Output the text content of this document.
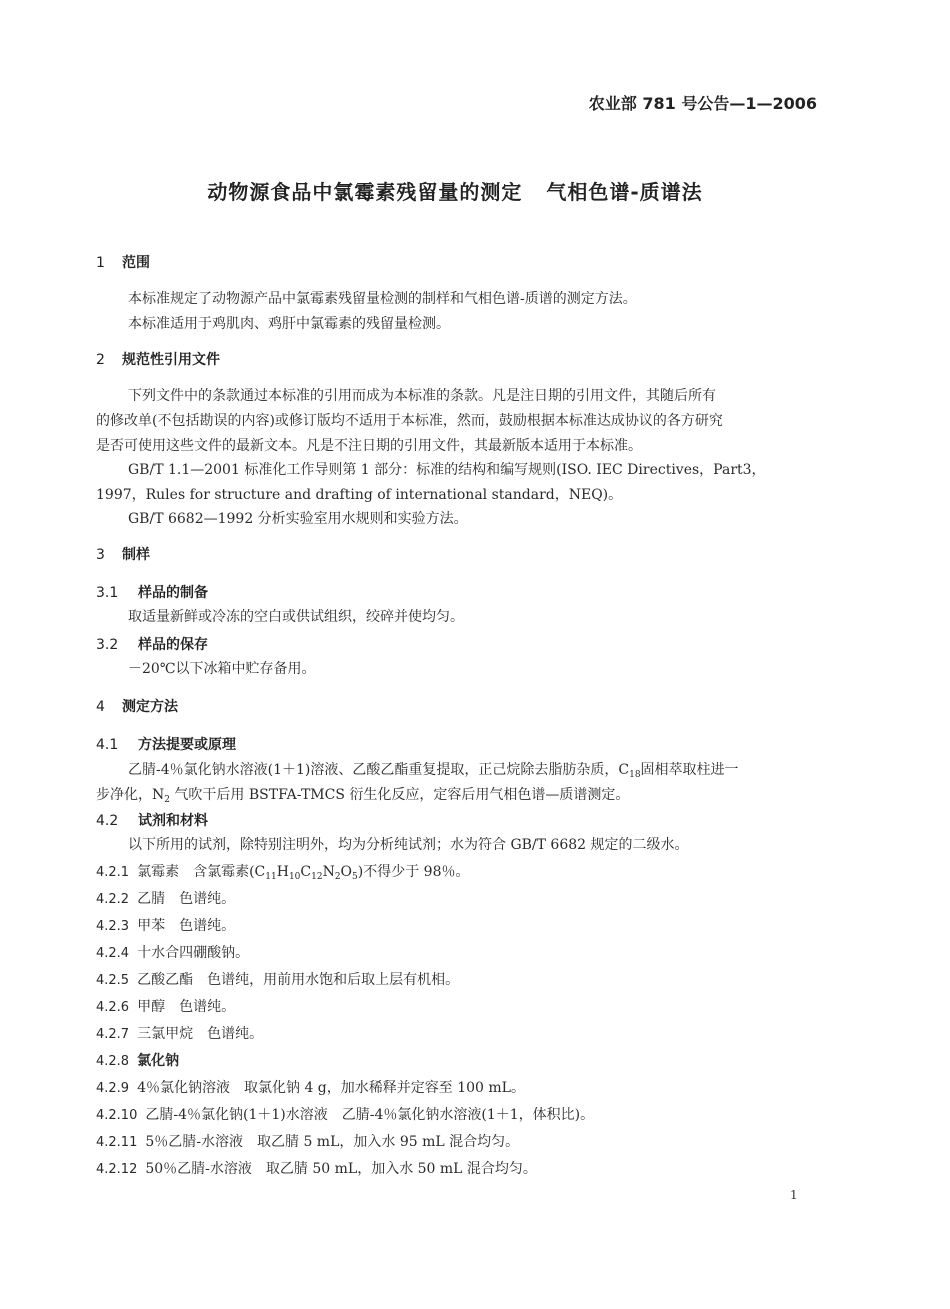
农业部 781 号公告—1—2006
动物源食品中氯霉素残留量的测定 气相色谱-质谱法
1 范围
本标准规定了动物源产品中氯霉素残留量检测的制样和气相色谱-质谱的测定方法。
本标准适用于鸡肌肉、鸡肝中氯霉素的残留量检测。
2 规范性引用文件
下列文件中的条款通过本标准的引用而成为本标准的条款。凡是注日期的引用文件，其随后所有
的修改单(不包括勘误的内容)或修订版均不适用于本标准，然而，鼓励根据本标准达成协议的各方研究
是否可使用这些文件的最新文本。凡是不注日期的引用文件，其最新版本适用于本标准。
GB/T 1.1—2001 标准化工作导则第 1 部分：标准的结构和编写规则(ISO. IEC Directives，Part3，
1997，Rules for structure and drafting of international standard，NEQ)。
GB/T 6682—1992 分析实验室用水规则和实验方法。
3 制样
3.1 样品的制备
取适量新鲜或冷冻的空白或供试组织，绞碎并使均匀。
3.2 样品的保存
－20℃以下冰箱中贮存备用。
4 测定方法
4.1 方法提要或原理
乙腈-4％氯化钠水溶液(1＋1)溶液、乙酸乙酯重复提取，正己烷除去脂肪杂质，$C_{18}$固相萃取柱进一
步净化，$N_2$ 气吹干后用 BSTFA-TMCS 衍生化反应，定容后用气相色谱—质谱测定。
4.2 试剂和材料
以下所用的试剂，除特别注明外，均为分析纯试剂；水为符合 GB/T 6682 规定的二级水。
4.2.1 氯霉素 含氯霉素$(C_{11}H_{10}C_{12}N_2O_5)$不得少于 98％。
4.2.2 乙腈 色谱纯。
4.2.3 甲苯 色谱纯。
4.2.4 十水合四硼酸钠。
4.2.5 乙酸乙酯 色谱纯，用前用水饱和后取上层有机相。
4.2.6 甲醇 色谱纯。
4.2.7 三氯甲烷 色谱纯。
4.2.8 氯化钠
4.2.9 4％氯化钠溶液 取氯化钠 4 g，加水稀释并定容至 100 mL。
4.2.10 乙腈-4％氯化钠(1＋1)水溶液 乙腈-4％氯化钠水溶液(1＋1，体积比)。
4.2.11 5％乙腈-水溶液 取乙腈 5 mL，加入水 95 mL 混合均匀。
4.2.12 50％乙腈-水溶液 取乙腈 50 mL，加入水 50 mL 混合均匀。
1
